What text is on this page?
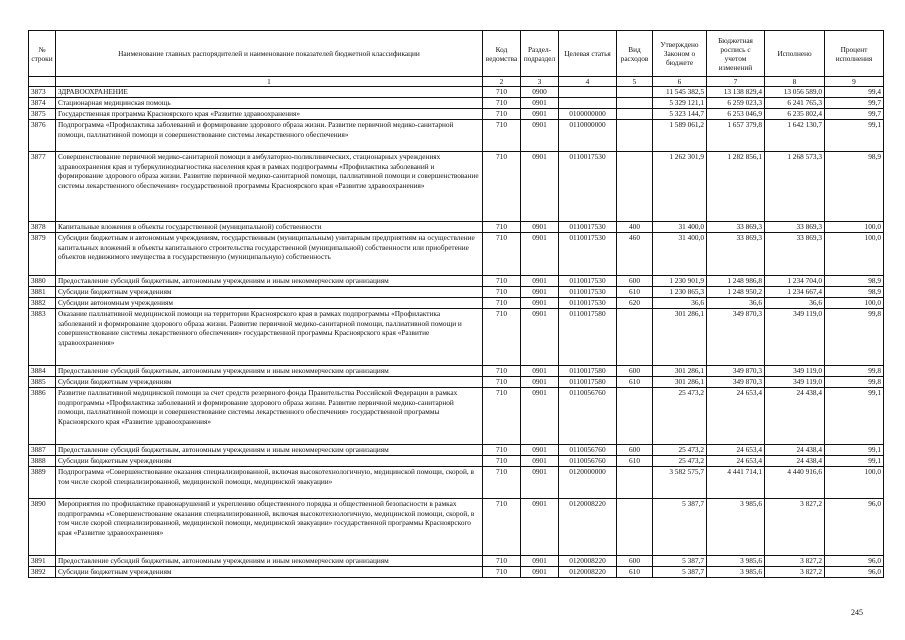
№ строки	Наименование главных распорядителей и наименование показателей бюджетной классификации	Код ведомства	Раздел-подраздел	Целевая статья	Вид расходов	Утверждено Законом о бюджете	Бюджетная роспись с учетом изменений	Исполнено	Процент исполнения
	1	2	3	4	5	6	7	8	9
3873	ЗДРАВООХРАНЕНИЕ	710	0900			11 545 382,5	13 138 829,4	13 056 589,0	99,4
3874	Стационарная медицинская помощь	710	0901			5 329 121,1	6 259 023,3	6 241 765,3	99,7
3875	Государственная программа Красноярского края «Развитие здравоохранения»	710	0901	0100000000		5 323 144,7	6 253 046,9	6 235 802,4	99,7
3876	Подпрограмма «Профилактика заболеваний и формирование здорового образа жизни. Развитие первичной медико-санитарной помощи, паллиативной помощи и совершенствование системы лекарственного обеспечения»	710	0901	0110000000		1 589 061,2	1 657 379,8	1 642 130,7	99,1
3877	Совершенствование первичной медико-санитарной помощи в амбулаторно-поликлинических, стационарных учреждениях здравоохранения края и туберкулинодиагностика населения края в рамках подпрограммы «Профилактика заболеваний и формирование здорового образа жизни. Развитие первичной медико-санитарной помощи, паллиативной помощи и совершенствование системы лекарственного обеспечения» государственной программы Красноярского края «Развитие здравоохранения»	710	0901	0110017530		1 262 301,9	1 282 856,1	1 268 573,3	98,9
3878	Капитальные вложения в объекты государственной (муниципальной) собственности	710	0901	0110017530	400	31 400,0	33 869,3	33 869,3	100,0
3879	Субсидии бюджетным и автономным учреждениям, государственным (муниципальным) унитарным предприятиям на осуществление капитальных вложений в объекты капитального строительства государственной (муниципальной) собственности или приобретение объектов недвижимого имущества в государственную (муниципальную) собственность	710	0901	0110017530	460	31 400,0	33 869,3	33 869,3	100,0
3880	Предоставление субсидий бюджетным, автономным учреждениям и иным некоммерческим организациям	710	0901	0110017530	600	1 230 901,9	1 248 986,8	1 234 704,0	98,9
3881	Субсидии бюджетным учреждениям	710	0901	0110017530	610	1 230 865,3	1 248 950,2	1 234 667,4	98,9
3882	Субсидии автономным учреждениям	710	0901	0110017530	620	36,6	36,6	36,6	100,0
3883	Оказание паллиативной медицинской помощи на территории Красноярского края в рамках подпрограммы «Профилактика заболеваний и формирование здорового образа жизни. Развитие первичной медико-санитарной помощи, паллиативной помощи и совершенствование системы лекарственного обеспечения» государственной программы Красноярского края «Развитие здравоохранения»	710	0901	0110017580		301 286,1	349 870,3	349 119,0	99,8
3884	Предоставление субсидий бюджетным, автономным учреждениям и иным некоммерческим организациям	710	0901	0110017580	600	301 286,1	349 870,3	349 119,0	99,8
3885	Субсидии бюджетным учреждениям	710	0901	0110017580	610	301 286,1	349 870,3	349 119,0	99,8
3886	Развитие паллиативной медицинской помощи за счет средств резервного фонда Правительства Российской Федерации в рамках подпрограммы «Профилактика заболеваний и формирование здорового образа жизни. Развитие первичной медико-санитарной помощи, паллиативной помощи и совершенствование системы лекарственного обеспечения» государственной программы Красноярского края «Развитие здравоохранения»	710	0901	0110056760		25 473,2	24 653,4	24 438,4	99,1
3887	Предоставление субсидий бюджетным, автономным учреждениям и иным некоммерческим организациям	710	0901	0110056760	600	25 473,2	24 653,4	24 438,4	99,1
3888	Субсидии бюджетным учреждениям	710	0901	0110056760	610	25 473,2	24 653,4	24 438,4	99,1
3889	Подпрограмма «Совершенствование оказания специализированной, включая высокотехнологичную, медицинской помощи, скорой, в том числе скорой специализированной, медицинской помощи, медицинской эвакуации»	710	0901	0120000000		3 582 575,7	4 441 714,1	4 440 916,6	100,0
3890	Мероприятия по профилактике правонарушений и укреплению общественного порядка и общественной безопасности в рамках подпрограммы «Совершенствование оказания специализированной, включая высокотехнологичную, медицинской помощи, скорой, в том числе скорой специализированной, медицинской помощи, медицинской эвакуации» государственной программы Красноярского края «Развитие здравоохранения»	710	0901	0120008220		5 387,7	3 985,6	3 827,2	96,0
3891	Предоставление субсидий бюджетным, автономным учреждениям и иным некоммерческим организациям	710	0901	0120008220	600	5 387,7	3 985,6	3 827,2	96,0
3892	Субсидии бюджетным учреждениям	710	0901	0120008220	610	5 387,7	3 985,6	3 827,2	96,0
245
